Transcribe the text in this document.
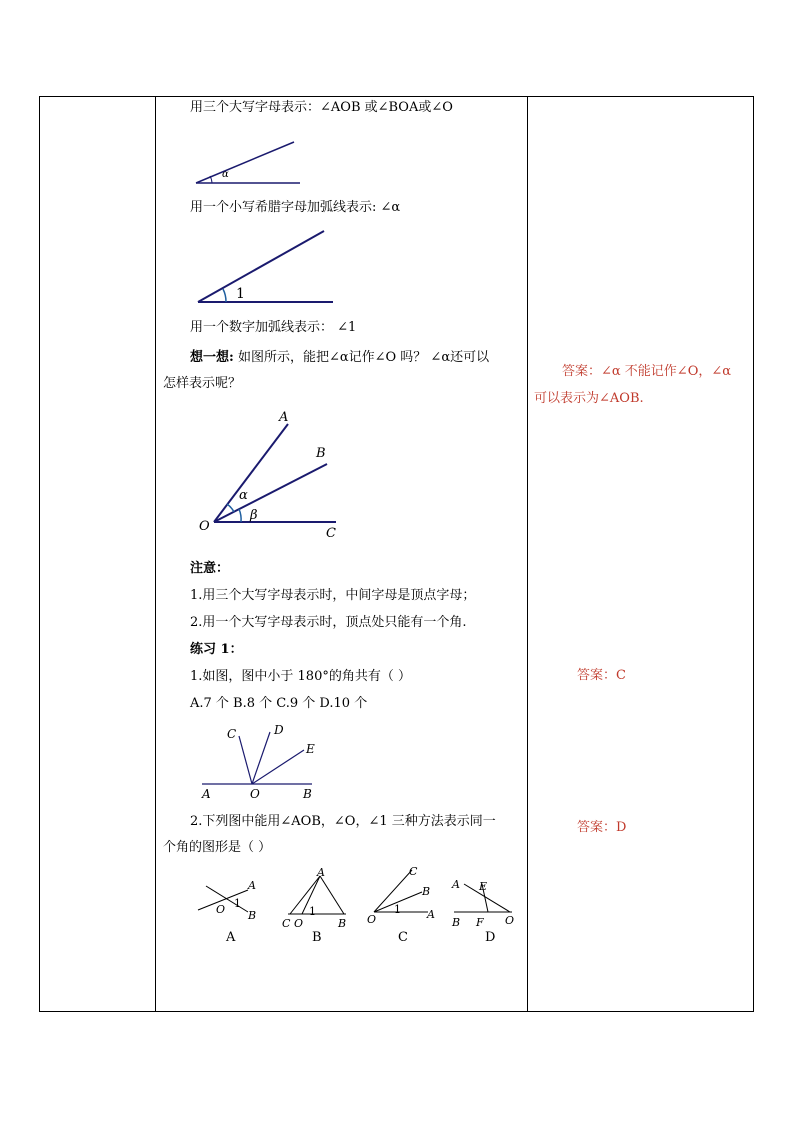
用三个大写字母表示：∠AOB 或∠BOA或∠O
α
用一个小写希腊字母加弧线表示: ∠α
1
用一个数字加弧线表示： ∠1
想一想: 如图所示，能把∠α记作∠O 吗？ ∠α还可以
怎样表示呢？
A
B
α
β
O	C
注意：
1.用三个大写字母表示时，中间字母是顶点字母；
2.用一个大写字母表示时，顶点处只能有一个角.
练习 1：
1.如图，图中小于 180°的角共有（ ）
A.7 个 B.8 个 C.9 个 D.10 个
C	D
E
A	O	B
2.下列图中能用∠AOB，∠O，∠1 三种方法表示同一
个角的图形是（ ）
A
O 1
B
A
A
C O
1
B
B
C
B
O
1 A
C
A E
B F O
D
答案：∠α 不能记作∠O，∠α
可以表示为∠AOB.
答案：C
答案：D
